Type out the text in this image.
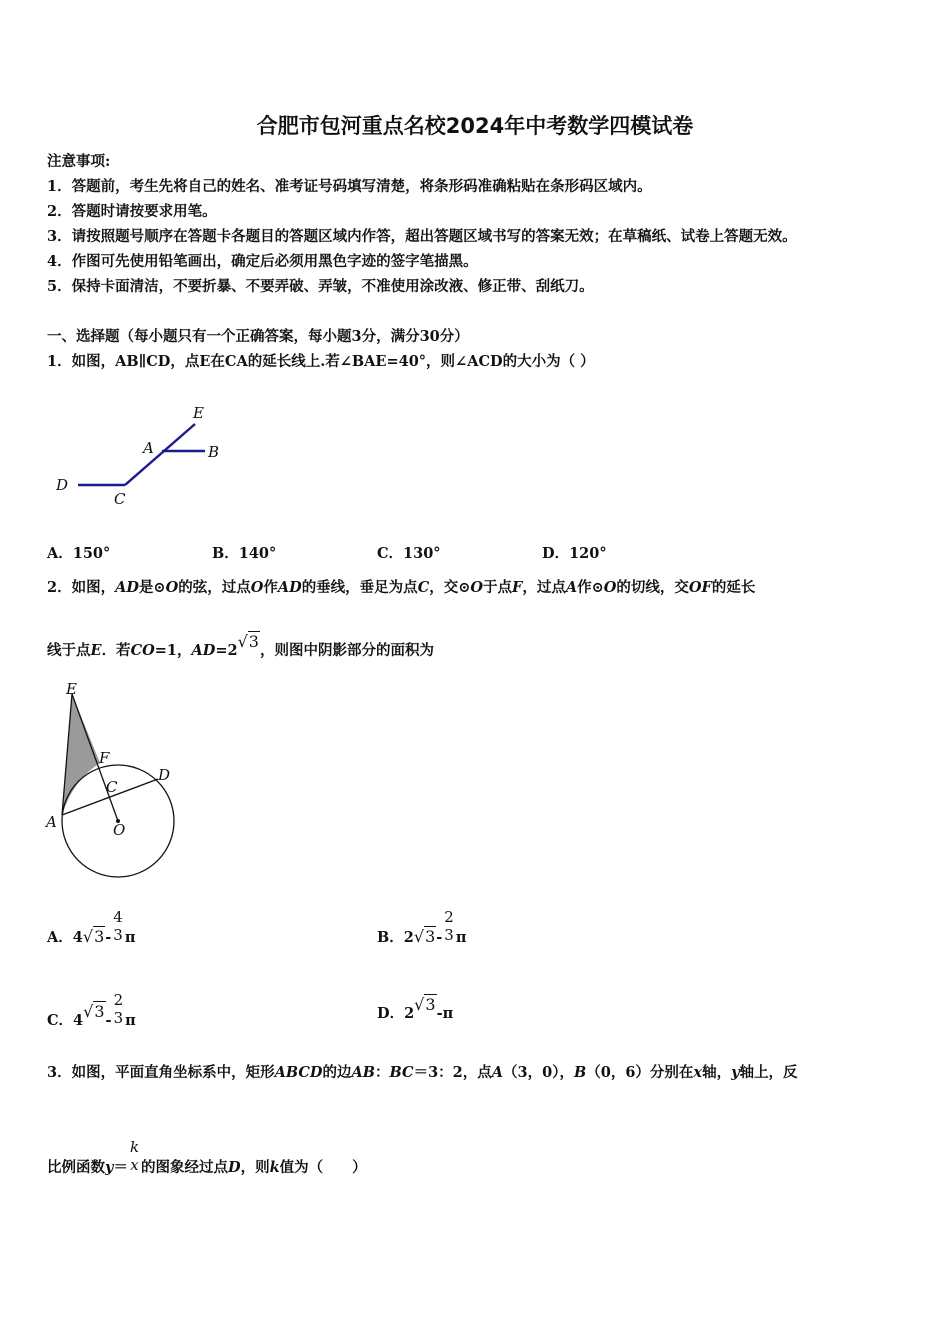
合肥市包河重点名校2024年中考数学四模试卷
注意事项:
1．答题前，考生先将自己的姓名、准考证号码填写清楚，将条形码准确粘贴在条形码区域内。
2．答题时请按要求用笔。
3．请按照题号顺序在答题卡各题目的答题区域内作答，超出答题区域书写的答案无效；在草稿纸、试卷上答题无效。
4．作图可先使用铅笔画出，确定后必须用黑色字迹的签字笔描黑。
5．保持卡面清洁，不要折暴、不要弄破、弄皱，不准使用涂改液、修正带、刮纸刀。
一、选择题（每小题只有一个正确答案，每小题3分，满分30分）
1．如图，AB∥CD，点E在CA的延长线上.若∠BAE=40°，则∠ACD的大小为（ ）
E
A	B
D
C
A．150°	B．140°	C．130°	D．120°
2．如图，AD是⊙O的弦，过点O作AD的垂线，垂足为点C，交⊙O于点F，过点A作⊙O的切线，交OF的延长
线于点E．若CO=1，AD=2√3，则图中阴影部分的面积为
E
F
D
C
A	O
A．4√3-
4
3 π	B．2√3-
2
3 π
C．4√3-
2
3 π	D．2√3-π
3．如图，平面直角坐标系中，矩形ABCD的边AB：BC＝3：2，点A（3，0），B（0，6）分别在x轴，y轴上，反
比例函数y＝
k
x 的图象经过点D，则k值为（　　）
